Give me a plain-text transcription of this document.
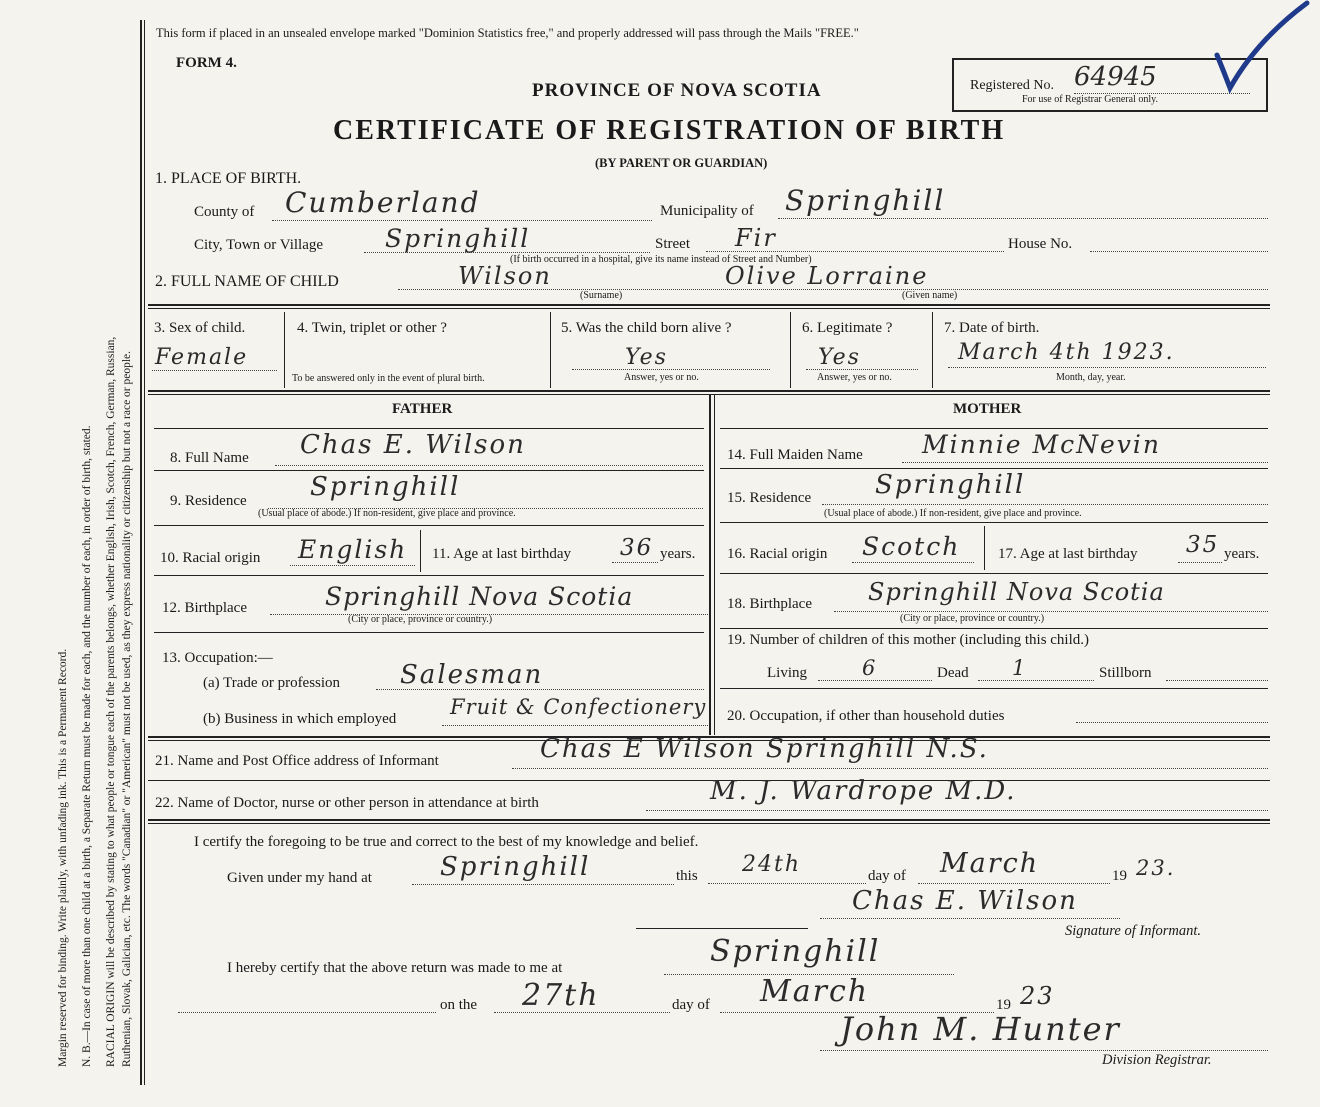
Margin reserved for binding. Write plainly, with unfading ink. This is a Permanent Record. N. B.—In case of more than one child at a birth, a Separate Return must be made for each, and the number of each, in order of birth, stated. RACIAL ORIGIN will be described by stating to what people or tongue each of the parents belongs, whether English, Irish, Scotch, French, German, Russian, Ruthenian, Slovak, Galician, etc. The words "Canadian" or "American" must not be used, as they express nationality or citizenship but not a race or people.
This form if placed in an unsealed envelope marked "Dominion Statistics free," and properly addressed will pass through the Mails "FREE."
FORM 4.
PROVINCE OF NOVA SCOTIA
CERTIFICATE OF REGISTRATION OF BIRTH
(BY PARENT OR GUARDIAN)
Registered No. 64945
For use of Registrar General only.
1. PLACE OF BIRTH.
County of Cumberland	Municipality of Springhill
City, Town or Village Springhill	Street Fir	House No.
(If birth occurred in a hospital, give its name instead of Street and Number)
2. FULL NAME OF CHILD	Wilson	Olive Lorraine
(Surname)	(Given name)
3. Sex of child.
Female
4. Twin, triplet or other ?
To be answered only in the event of plural birth.
5. Was the child born alive ?
Yes
Answer, yes or no.
6. Legitimate ?
Yes
Answer, yes or no.
7. Date of birth.
March 4th 1923.
Month, day, year.
FATHER
8. Full Name Chas E. Wilson
9. Residence Springhill
(Usual place of abode.) If non-resident, give place and province.
10. Racial origin English 11. Age at last birthday 36 years.
12. Birthplace	Springhill Nova Scotia
(City or place, province or country.)
13. Occupation:—
(a) Trade or profession Salesman
(b) Business in which employed	Fruit & Confectionery
MOTHER
14. Full Maiden Name Minnie McNevin
15. Residence Springhill
(Usual place of abode.) If non-resident, give place and province.
16. Racial origin Scotch	17. Age at last birthday 35 years.
18. Birthplace Springhill Nova Scotia
(City or place, province or country.)
19. Number of children of this mother (including this child.)
Living	6	Dead 1	Stillborn
20. Occupation, if other than household duties
21. Name and Post Office address of Informant	Chas E Wilson Springhill N.S.
22. Name of Doctor, nurse or other person in attendance at birth	M. J. Wardrope M.D.
I certify the foregoing to be true and correct to the best of my knowledge and belief.
Given under my hand at	Springhill	this 24th	day of March	19 23.
Chas E. Wilson
Signature of Informant.
I hereby certify that the above return was made to me at	Springhill
on the 27th	day of March	19 23
John M. Hunter
Division Registrar.
